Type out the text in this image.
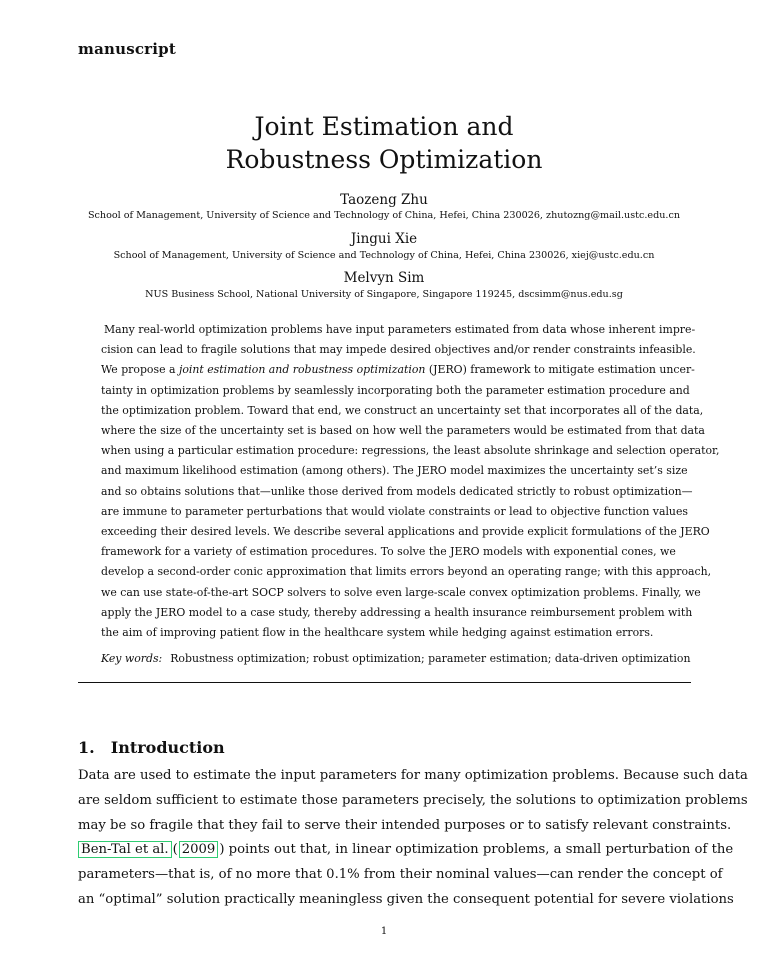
manuscript
Joint Estimation and
Robustness Optimization
Taozeng Zhu
School of Management, University of Science and Technology of China, Hefei, China 230026, zhutozng@mail.ustc.edu.cn
Jingui Xie
School of Management, University of Science and Technology of China, Hefei, China 230026, xiej@ustc.edu.cn
Melvyn Sim
NUS Business School, National University of Singapore, Singapore 119245, dscsimm@nus.edu.sg
Many real-world optimization problems have input parameters estimated from data whose inherent impre-
cision can lead to fragile solutions that may impede desired objectives and/or render constraints infeasible.
We propose a joint estimation and robustness optimization (JERO) framework to mitigate estimation uncer-
tainty in optimization problems by seamlessly incorporating both the parameter estimation procedure and
the optimization problem. Toward that end, we construct an uncertainty set that incorporates all of the data,
where the size of the uncertainty set is based on how well the parameters would be estimated from that data
when using a particular estimation procedure: regressions, the least absolute shrinkage and selection operator,
and maximum likelihood estimation (among others). The JERO model maximizes the uncertainty set’s size
and so obtains solutions that—unlike those derived from models dedicated strictly to robust optimization—
are immune to parameter perturbations that would violate constraints or lead to objective function values
exceeding their desired levels. We describe several applications and provide explicit formulations of the JERO
framework for a variety of estimation procedures. To solve the JERO models with exponential cones, we
develop a second-order conic approximation that limits errors beyond an operating range; with this approach,
we can use state-of-the-art SOCP solvers to solve even large-scale convex optimization problems. Finally, we
apply the JERO model to a case study, thereby addressing a health insurance reimbursement problem with
the aim of improving patient flow in the healthcare system while hedging against estimation errors.
Key words: Robustness optimization; robust optimization; parameter estimation; data-driven optimization
1. Introduction
Data are used to estimate the input parameters for many optimization problems. Because such data
are seldom sufficient to estimate those parameters precisely, the solutions to optimization problems
may be so fragile that they fail to serve their intended purposes or to satisfy relevant constraints.
Ben-Tal et al. ( 2009 ) points out that, in linear optimization problems, a small perturbation of the
parameters—that is, of no more that 0.1% from their nominal values—can render the concept of
an “optimal” solution practically meaningless given the consequent potential for severe violations
1
